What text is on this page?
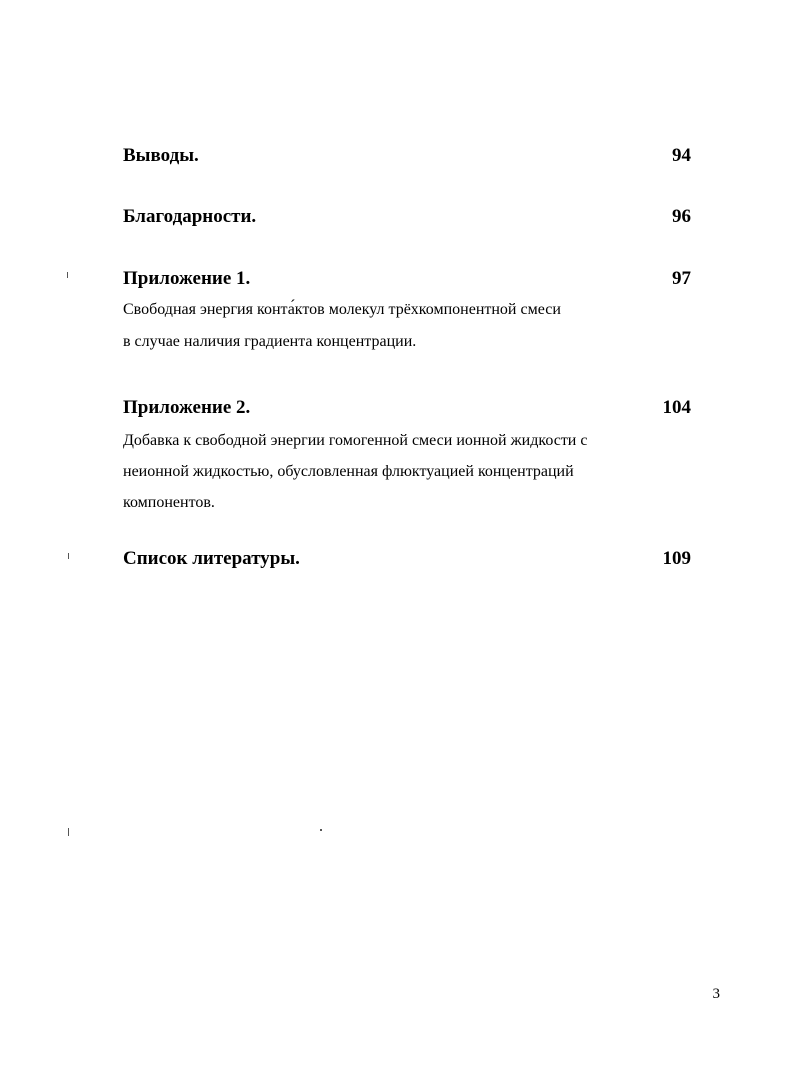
Выводы.	94
Благодарности.	96
Приложение 1.	97
Свободная энергия конта́ктов молекул трёхкомпонентной смеси
в случае наличия градиента концентрации.
Приложение 2.	104
Добавка к свободной энергии гомогенной смеси ионной жидкости с
неионной жидкостью, обусловленная флюктуацией концентраций
компонентов.
Список литературы.	109
3
